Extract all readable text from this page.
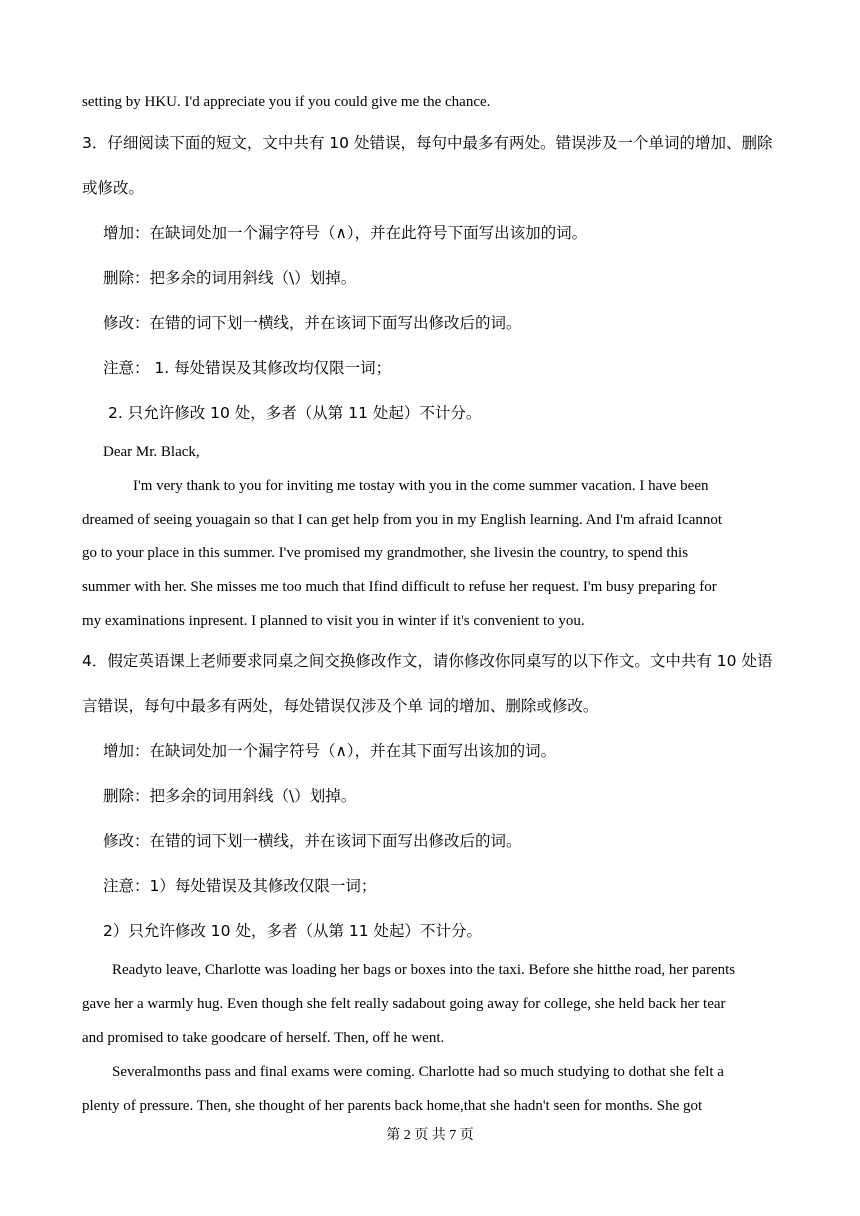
setting by HKU. I'd appreciate you if you could give me the chance.
3．仔细阅读下面的短文，文中共有 10 处错误，每句中最多有两处。错误涉及一个单词的增加、删除
或修改。
增加：在缺词处加一个漏字符号（∧），并在此符号下面写出该加的词。
删除：把多余的词用斜线（\）划掉。
修改：在错的词下划一横线，并在该词下面写出修改后的词。
注意： 1. 每处错误及其修改均仅限一词；
2. 只允许修改 10 处，多者（从第 11 处起）不计分。
Dear Mr. Black,
I'm very thank to you for inviting me tostay with you in the come summer vacation. I have been
dreamed of seeing youagain so that I can get help from you in my English learning. And I'm afraid Icannot
go to your place in this summer. I've promised my grandmother, she livesin the country, to spend this
summer with her. She misses me too much that Ifind difficult to refuse her request. I'm busy preparing for
my examinations inpresent. I planned to visit you in winter if it's convenient to you.
4．假定英语课上老师要求同桌之间交换修改作文，请你修改你同桌写的以下作文。文中共有 10 处语
言错误，每句中最多有两处，每处错误仅涉及个单 词的增加、删除或修改。
增加：在缺词处加一个漏字符号（∧），并在其下面写出该加的词。
删除：把多余的词用斜线（\）划掉。
修改：在错的词下划一横线，并在该词下面写出修改后的词。
注意：1）每处错误及其修改仅限一词；
2）只允许修改 10 处，多者（从第 11 处起）不计分。
Readyto leave, Charlotte was loading her bags or boxes into the taxi. Before she hitthe road, her parents
gave her a warmly hug. Even though she felt really sadabout going away for college, she held back her tear
and promised to take goodcare of herself. Then, off he went.
Severalmonths pass and final exams were coming. Charlotte had so much studying to dothat she felt a
plenty of pressure. Then, she thought of her parents back home,that she hadn't seen for months. She got
第 2 页 共 7 页
